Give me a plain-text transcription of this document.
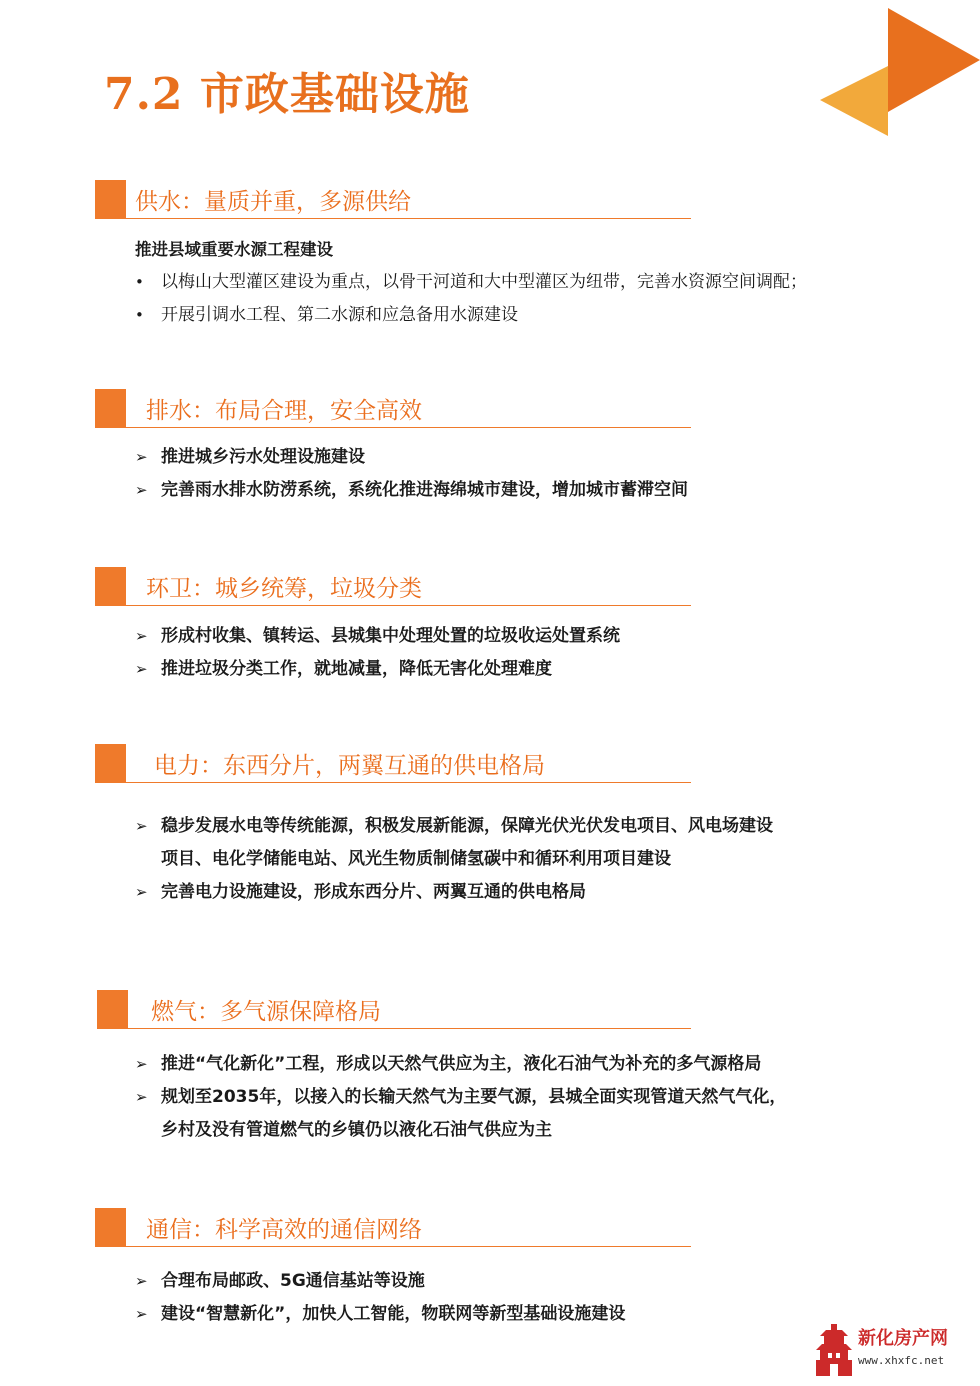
7.2 市政基础设施
供水：量质并重，多源供给
推进县域重要水源工程建设
• 以梅山大型灌区建设为重点，以骨干河道和大中型灌区为纽带，完善水资源空间调配；
• 开展引调水工程、第二水源和应急备用水源建设
排水：布局合理，安全高效
➢ 推进城乡污水处理设施建设
➢ 完善雨水排水防涝系统，系统化推进海绵城市建设，增加城市蓄滞空间
环卫：城乡统筹，垃圾分类
➢ 形成村收集、镇转运、县城集中处理处置的垃圾收运处置系统
➢ 推进垃圾分类工作，就地减量，降低无害化处理难度
电力：东西分片，两翼互通的供电格局
➢ 稳步发展水电等传统能源，积极发展新能源，保障光伏光伏发电项目、风电场建设
项目、电化学储能电站、风光生物质制储氢碳中和循环利用项目建设
➢ 完善电力设施建设，形成东西分片、两翼互通的供电格局
燃气：多气源保障格局
➢ 推进“气化新化”工程，形成以天然气供应为主，液化石油气为补充的多气源格局
➢ 规划至2035年，以接入的长输天然气为主要气源，县城全面实现管道天然气气化，
乡村及没有管道燃气的乡镇仍以液化石油气供应为主
通信：科学高效的通信网络
➢ 合理布局邮政、5G通信基站等设施
➢ 建设“智慧新化”，加快人工智能，物联网等新型基础设施建设
新化房产网
www.xhxfc.net
